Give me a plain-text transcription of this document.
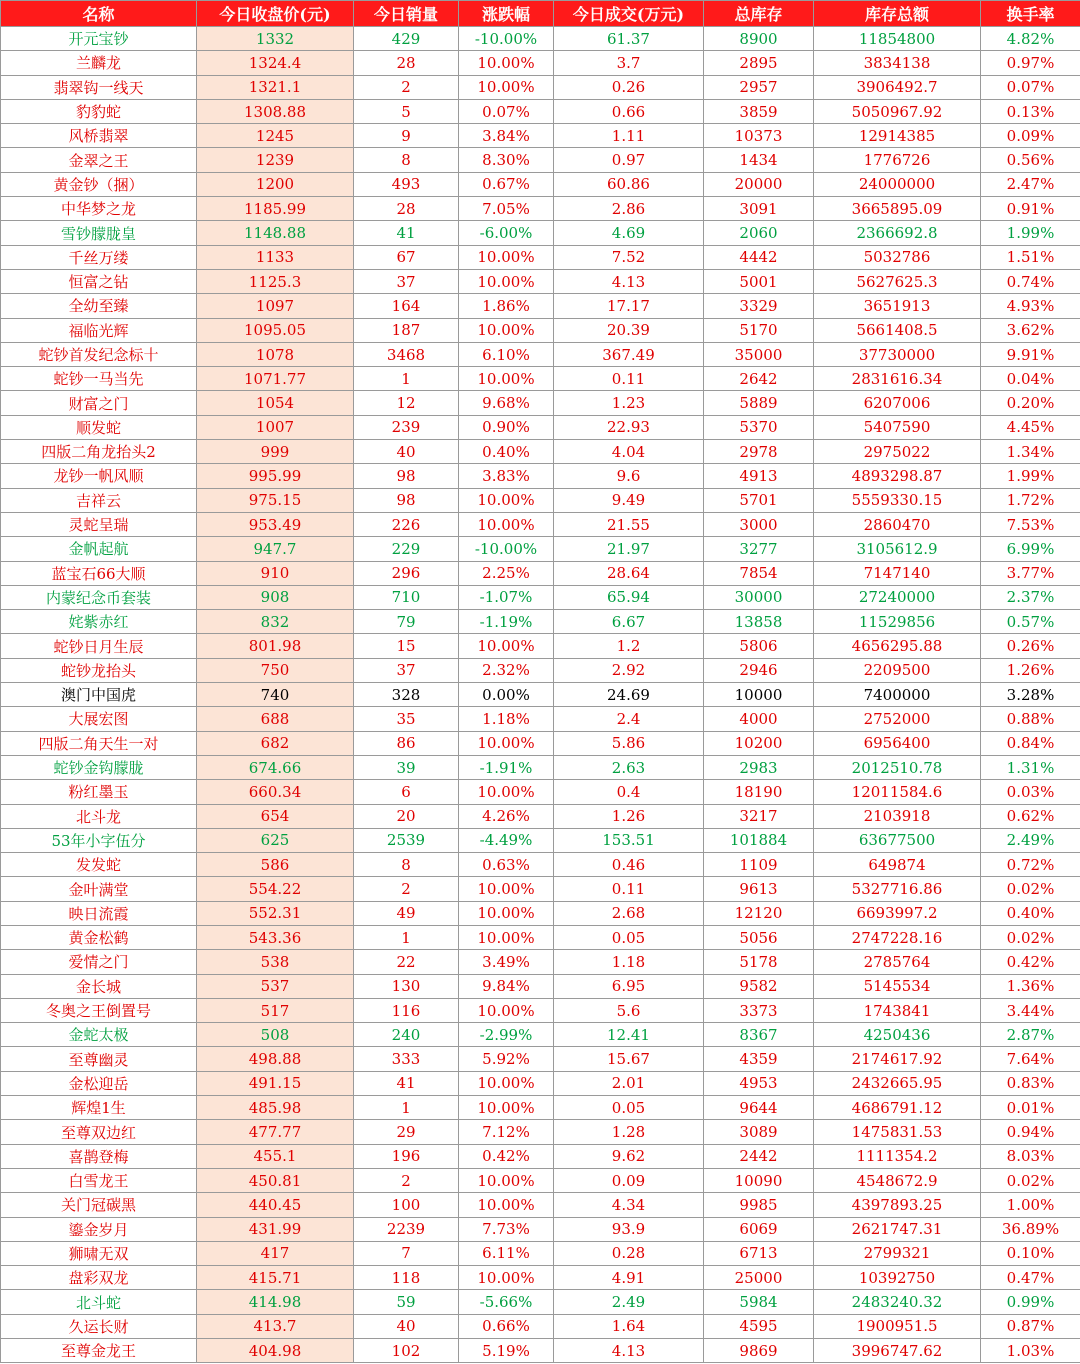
名称	今日收盘价(元)	今日销量	涨跌幅	今日成交(万元)	总库存	库存总额	换手率
开元宝钞	1332	429	-10.00%	61.37	8900	11854800	4.82%
兰麟龙	1324.4	28	10.00%	3.7	2895	3834138	0.97%
翡翠钩一线天	1321.1	2	10.00%	0.26	2957	3906492.7	0.07%
豹豹蛇	1308.88	5	0.07%	0.66	3859	5050967.92	0.13%
风桥翡翠	1245	9	3.84%	1.11	10373	12914385	0.09%
金翠之王	1239	8	8.30%	0.97	1434	1776726	0.56%
黄金钞（捆）	1200	493	0.67%	60.86	20000	24000000	2.47%
中华梦之龙	1185.99	28	7.05%	2.86	3091	3665895.09	0.91%
雪钞朦胧皇	1148.88	41	-6.00%	4.69	2060	2366692.8	1.99%
千丝万缕	1133	67	10.00%	7.52	4442	5032786	1.51%
恒富之钻	1125.3	37	10.00%	4.13	5001	5627625.3	0.74%
全幼至臻	1097	164	1.86%	17.17	3329	3651913	4.93%
福临光辉	1095.05	187	10.00%	20.39	5170	5661408.5	3.62%
蛇钞首发纪念标十	1078	3468	6.10%	367.49	35000	37730000	9.91%
蛇钞一马当先	1071.77	1	10.00%	0.11	2642	2831616.34	0.04%
财富之门	1054	12	9.68%	1.23	5889	6207006	0.20%
顺发蛇	1007	239	0.90%	22.93	5370	5407590	4.45%
四版二角龙抬头2	999	40	0.40%	4.04	2978	2975022	1.34%
龙钞一帆风顺	995.99	98	3.83%	9.6	4913	4893298.87	1.99%
吉祥云	975.15	98	10.00%	9.49	5701	5559330.15	1.72%
灵蛇呈瑞	953.49	226	10.00%	21.55	3000	2860470	7.53%
金帆起航	947.7	229	-10.00%	21.97	3277	3105612.9	6.99%
蓝宝石66大顺	910	296	2.25%	28.64	7854	7147140	3.77%
内蒙纪念币套装	908	710	-1.07%	65.94	30000	27240000	2.37%
姹紫赤红	832	79	-1.19%	6.67	13858	11529856	0.57%
蛇钞日月生辰	801.98	15	10.00%	1.2	5806	4656295.88	0.26%
蛇钞龙抬头	750	37	2.32%	2.92	2946	2209500	1.26%
澳门中国虎	740	328	0.00%	24.69	10000	7400000	3.28%
大展宏图	688	35	1.18%	2.4	4000	2752000	0.88%
四版二角天生一对	682	86	10.00%	5.86	10200	6956400	0.84%
蛇钞金钩朦胧	674.66	39	-1.91%	2.63	2983	2012510.78	1.31%
粉红墨玉	660.34	6	10.00%	0.4	18190	12011584.6	0.03%
北斗龙	654	20	4.26%	1.26	3217	2103918	0.62%
53年小字伍分	625	2539	-4.49%	153.51	101884	63677500	2.49%
发发蛇	586	8	0.63%	0.46	1109	649874	0.72%
金叶满堂	554.22	2	10.00%	0.11	9613	5327716.86	0.02%
映日流霞	552.31	49	10.00%	2.68	12120	6693997.2	0.40%
黄金松鹤	543.36	1	10.00%	0.05	5056	2747228.16	0.02%
爱情之门	538	22	3.49%	1.18	5178	2785764	0.42%
金长城	537	130	9.84%	6.95	9582	5145534	1.36%
冬奥之王倒置号	517	116	10.00%	5.6	3373	1743841	3.44%
金蛇太极	508	240	-2.99%	12.41	8367	4250436	2.87%
至尊幽灵	498.88	333	5.92%	15.67	4359	2174617.92	7.64%
金松迎岳	491.15	41	10.00%	2.01	4953	2432665.95	0.83%
辉煌1生	485.98	1	10.00%	0.05	9644	4686791.12	0.01%
至尊双边红	477.77	29	7.12%	1.28	3089	1475831.53	0.94%
喜鹊登梅	455.1	196	0.42%	9.62	2442	1111354.2	8.03%
白雪龙王	450.81	2	10.00%	0.09	10090	4548672.9	0.02%
关门冠碳黑	440.45	100	10.00%	4.34	9985	4397893.25	1.00%
鎏金岁月	431.99	2239	7.73%	93.9	6069	2621747.31	36.89%
狮啸无双	417	7	6.11%	0.28	6713	2799321	0.10%
盘彩双龙	415.71	118	10.00%	4.91	25000	10392750	0.47%
北斗蛇	414.98	59	-5.66%	2.49	5984	2483240.32	0.99%
久运长财	413.7	40	0.66%	1.64	4595	1900951.5	0.87%
至尊金龙王	404.98	102	5.19%	4.13	9869	3996747.62	1.03%
